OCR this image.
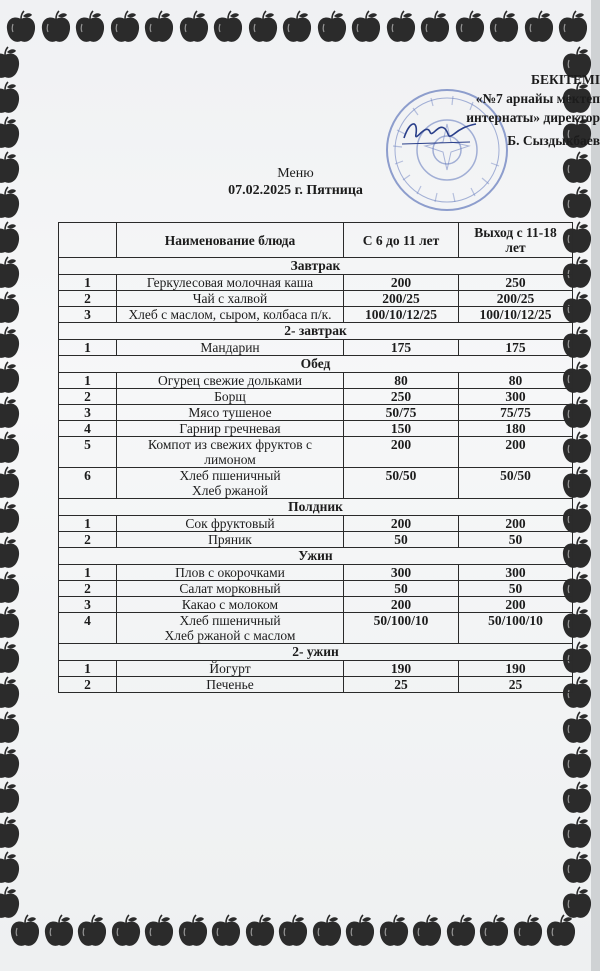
БЕКІТЕМІ
«№7 арнайы мектеп
интернаты» директор
Б. Сыздыкбаев
Меню
07.02.2025 г. Пятница
	Наименование блюда	С 6 до 11 лет	Выход с 11-18 лет
Завтрак			
1	Геркулесовая молочная каша	200	250
2	Чай с халвой	200/25	200/25
3	Хлеб с маслом, сыром, колбаса п/к.	100/10/12/25	100/10/12/25
2- завтрак			
1	Мандарин	175	175
Обед			
1	Огурец свежие дольками	80	80
2	Борщ	250	300
3	Мясо тушеное	50/75	75/75
4	Гарнир гречневая	150	180
5	Компот из свежих фруктов с лимоном	200	200
6	Хлеб пшеничный
Хлеб ржаной	50/50	50/50
Полдник			
1	Сок фруктовый	200	200
2	Пряник	50	50
Ужин			
1	Плов с окорочками	300	300
2	Салат морковный	50	50
3	Какао с молоком	200	200
4	Хлеб пшеничный
Хлеб ржаной с маслом	50/100/10	50/100/10
2- ужин			
1	Йогурт	190	190
2	Печенье	25	25
